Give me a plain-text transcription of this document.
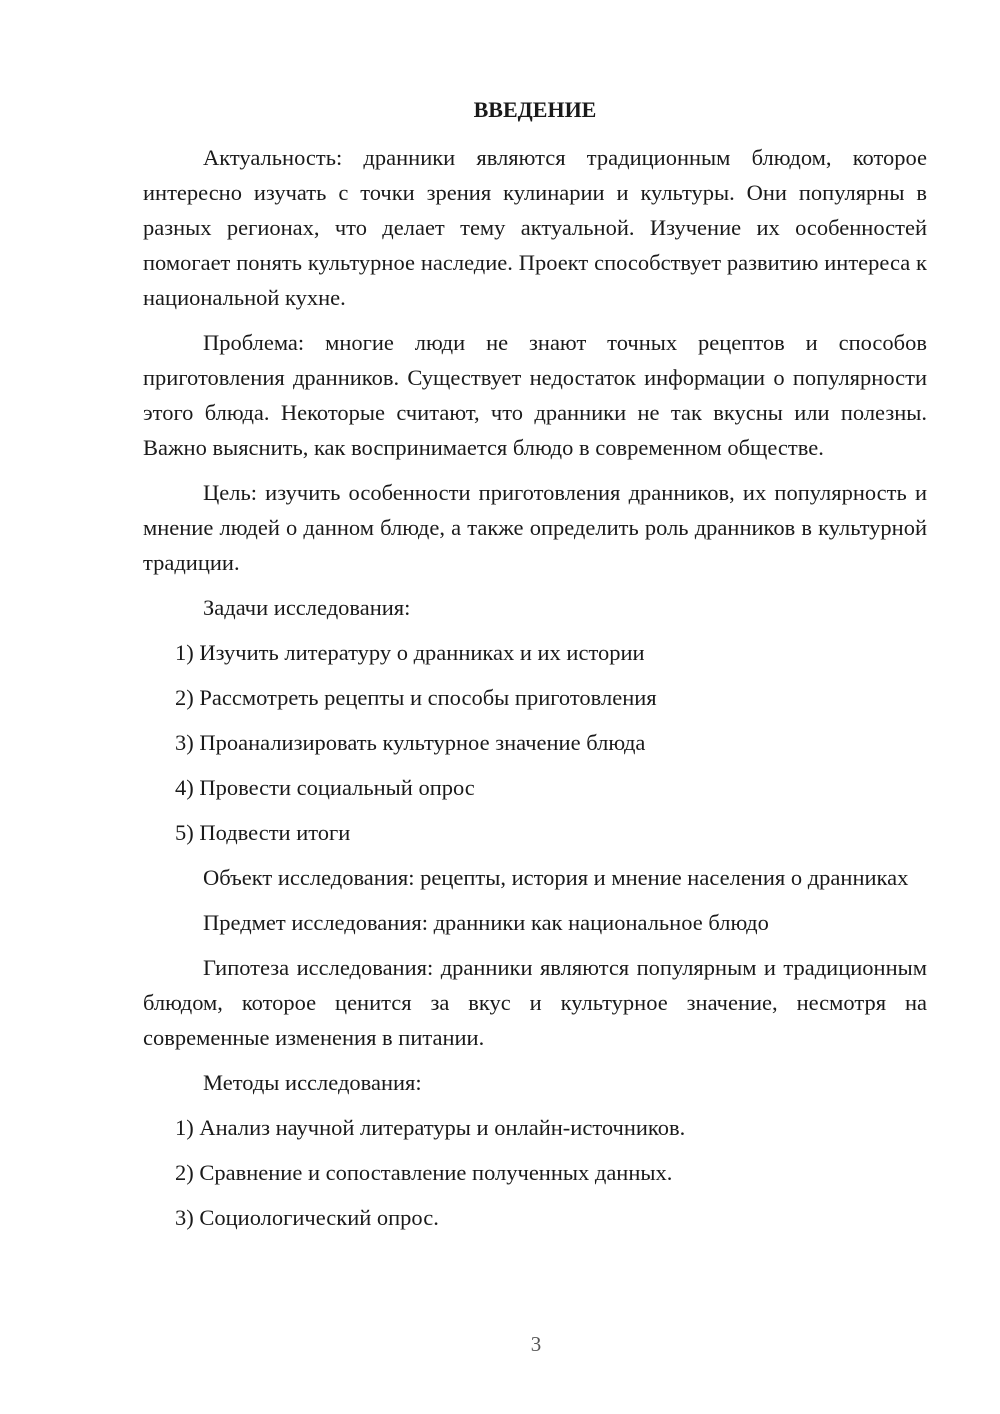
ВВЕДЕНИЕ

Актуальность: дранники являются традиционным блюдом, которое интересно изучать с точки зрения кулинарии и культуры. Они популярны в разных регионах, что делает тему актуальной. Изучение их особенностей помогает понять культурное наследие. Проект способствует развитию интереса к национальной кухне.

Проблема: многие люди не знают точных рецептов и способов приготовления дранников. Существует недостаток информации о популярности этого блюда. Некоторые считают, что дранники не так вкусны или полезны. Важно выяснить, как воспринимается блюдо в современном обществе.

Цель: изучить особенности приготовления дранников, их популярность и мнение людей о данном блюде, а также определить роль дранников в культурной традиции.

Задачи исследования:

1) Изучить литературу о дранниках и их истории

2) Рассмотреть рецепты и способы приготовления

3) Проанализировать культурное значение блюда

4) Провести социальный опрос

5) Подвести итоги

Объект исследования: рецепты, история и мнение населения о дранниках

Предмет исследования: дранники как национальное блюдо

Гипотеза исследования: дранники являются популярным и традиционным блюдом, которое ценится за вкус и культурное значение, несмотря на современные изменения в питании.

Методы исследования:

1) Анализ научной литературы и онлайн-источников.

2) Сравнение и сопоставление полученных данных.

3) Социологический опрос.

3
